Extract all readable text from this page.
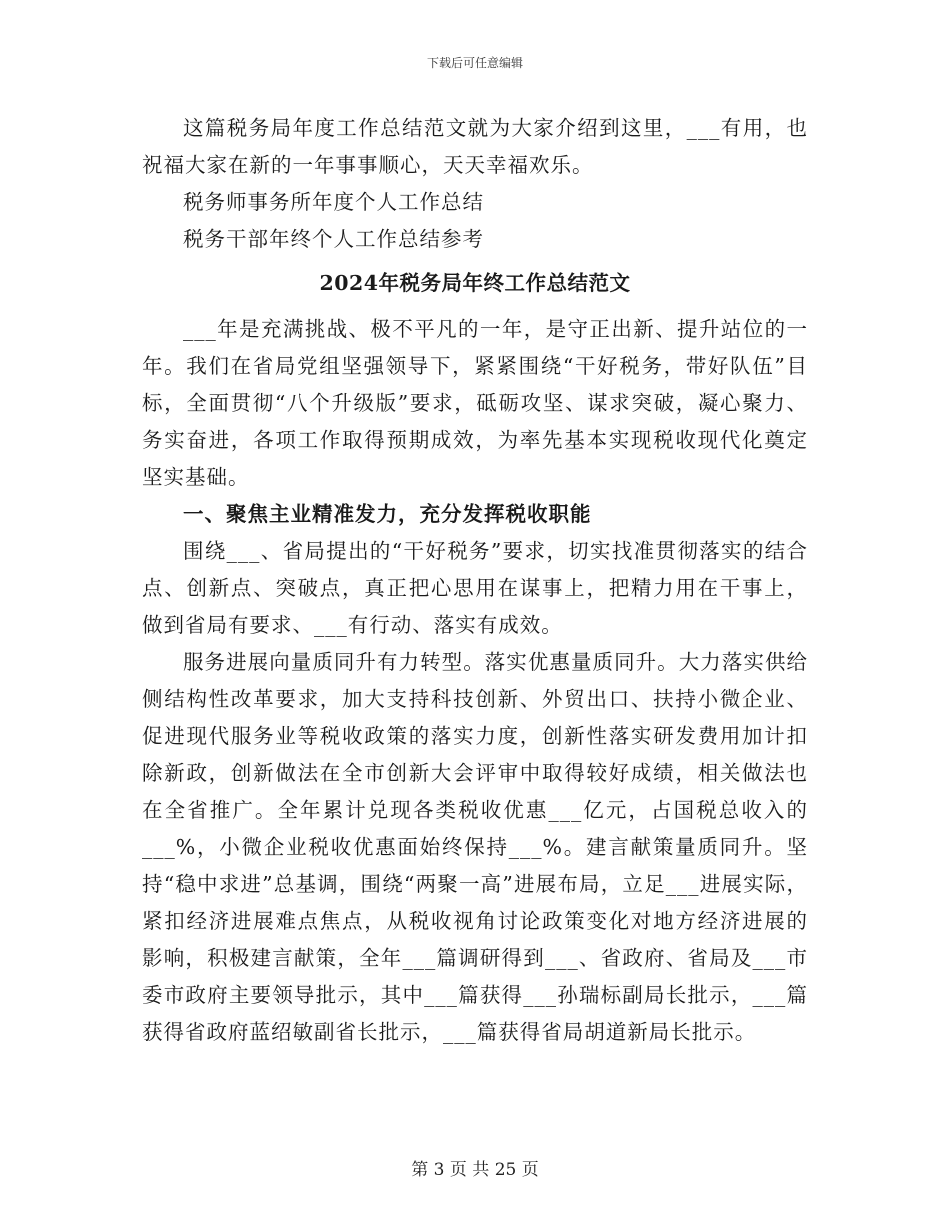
下载后可任意编辑

这篇税务局年度工作总结范文就为大家介绍到这里，___有用，也祝福大家在新的一年事事顺心，天天幸福欢乐。

税务师事务所年度个人工作总结

税务干部年终个人工作总结参考

2024年税务局年终工作总结范文

___年是充满挑战、极不平凡的一年，是守正出新、提升站位的一年。我们在省局党组坚强领导下，紧紧围绕“干好税务，带好队伍”目标，全面贯彻“八个升级版”要求，砥砺攻坚、谋求突破，凝心聚力、务实奋进，各项工作取得预期成效，为率先基本实现税收现代化奠定坚实基础。

一、聚焦主业精准发力，充分发挥税收职能

围绕___、省局提出的“干好税务”要求，切实找准贯彻落实的结合点、创新点、突破点，真正把心思用在谋事上，把精力用在干事上，做到省局有要求、___有行动、落实有成效。

服务进展向量质同升有力转型。落实优惠量质同升。大力落实供给侧结构性改革要求，加大支持科技创新、外贸出口、扶持小微企业、促进现代服务业等税收政策的落实力度，创新性落实研发费用加计扣除新政，创新做法在全市创新大会评审中取得较好成绩，相关做法也在全省推广。全年累计兑现各类税收优惠___亿元，占国税总收入的___%，小微企业税收优惠面始终保持___%。建言献策量质同升。坚持“稳中求进”总基调，围绕“两聚一高”进展布局，立足___进展实际，紧扣经济进展难点焦点，从税收视角讨论政策变化对地方经济进展的影响，积极建言献策，全年___篇调研得到___、省政府、省局及___市委市政府主要领导批示，其中___篇获得___孙瑞标副局长批示，___篇获得省政府蓝绍敏副省长批示，___篇获得省局胡道新局长批示。

第 3 页 共 25 页
